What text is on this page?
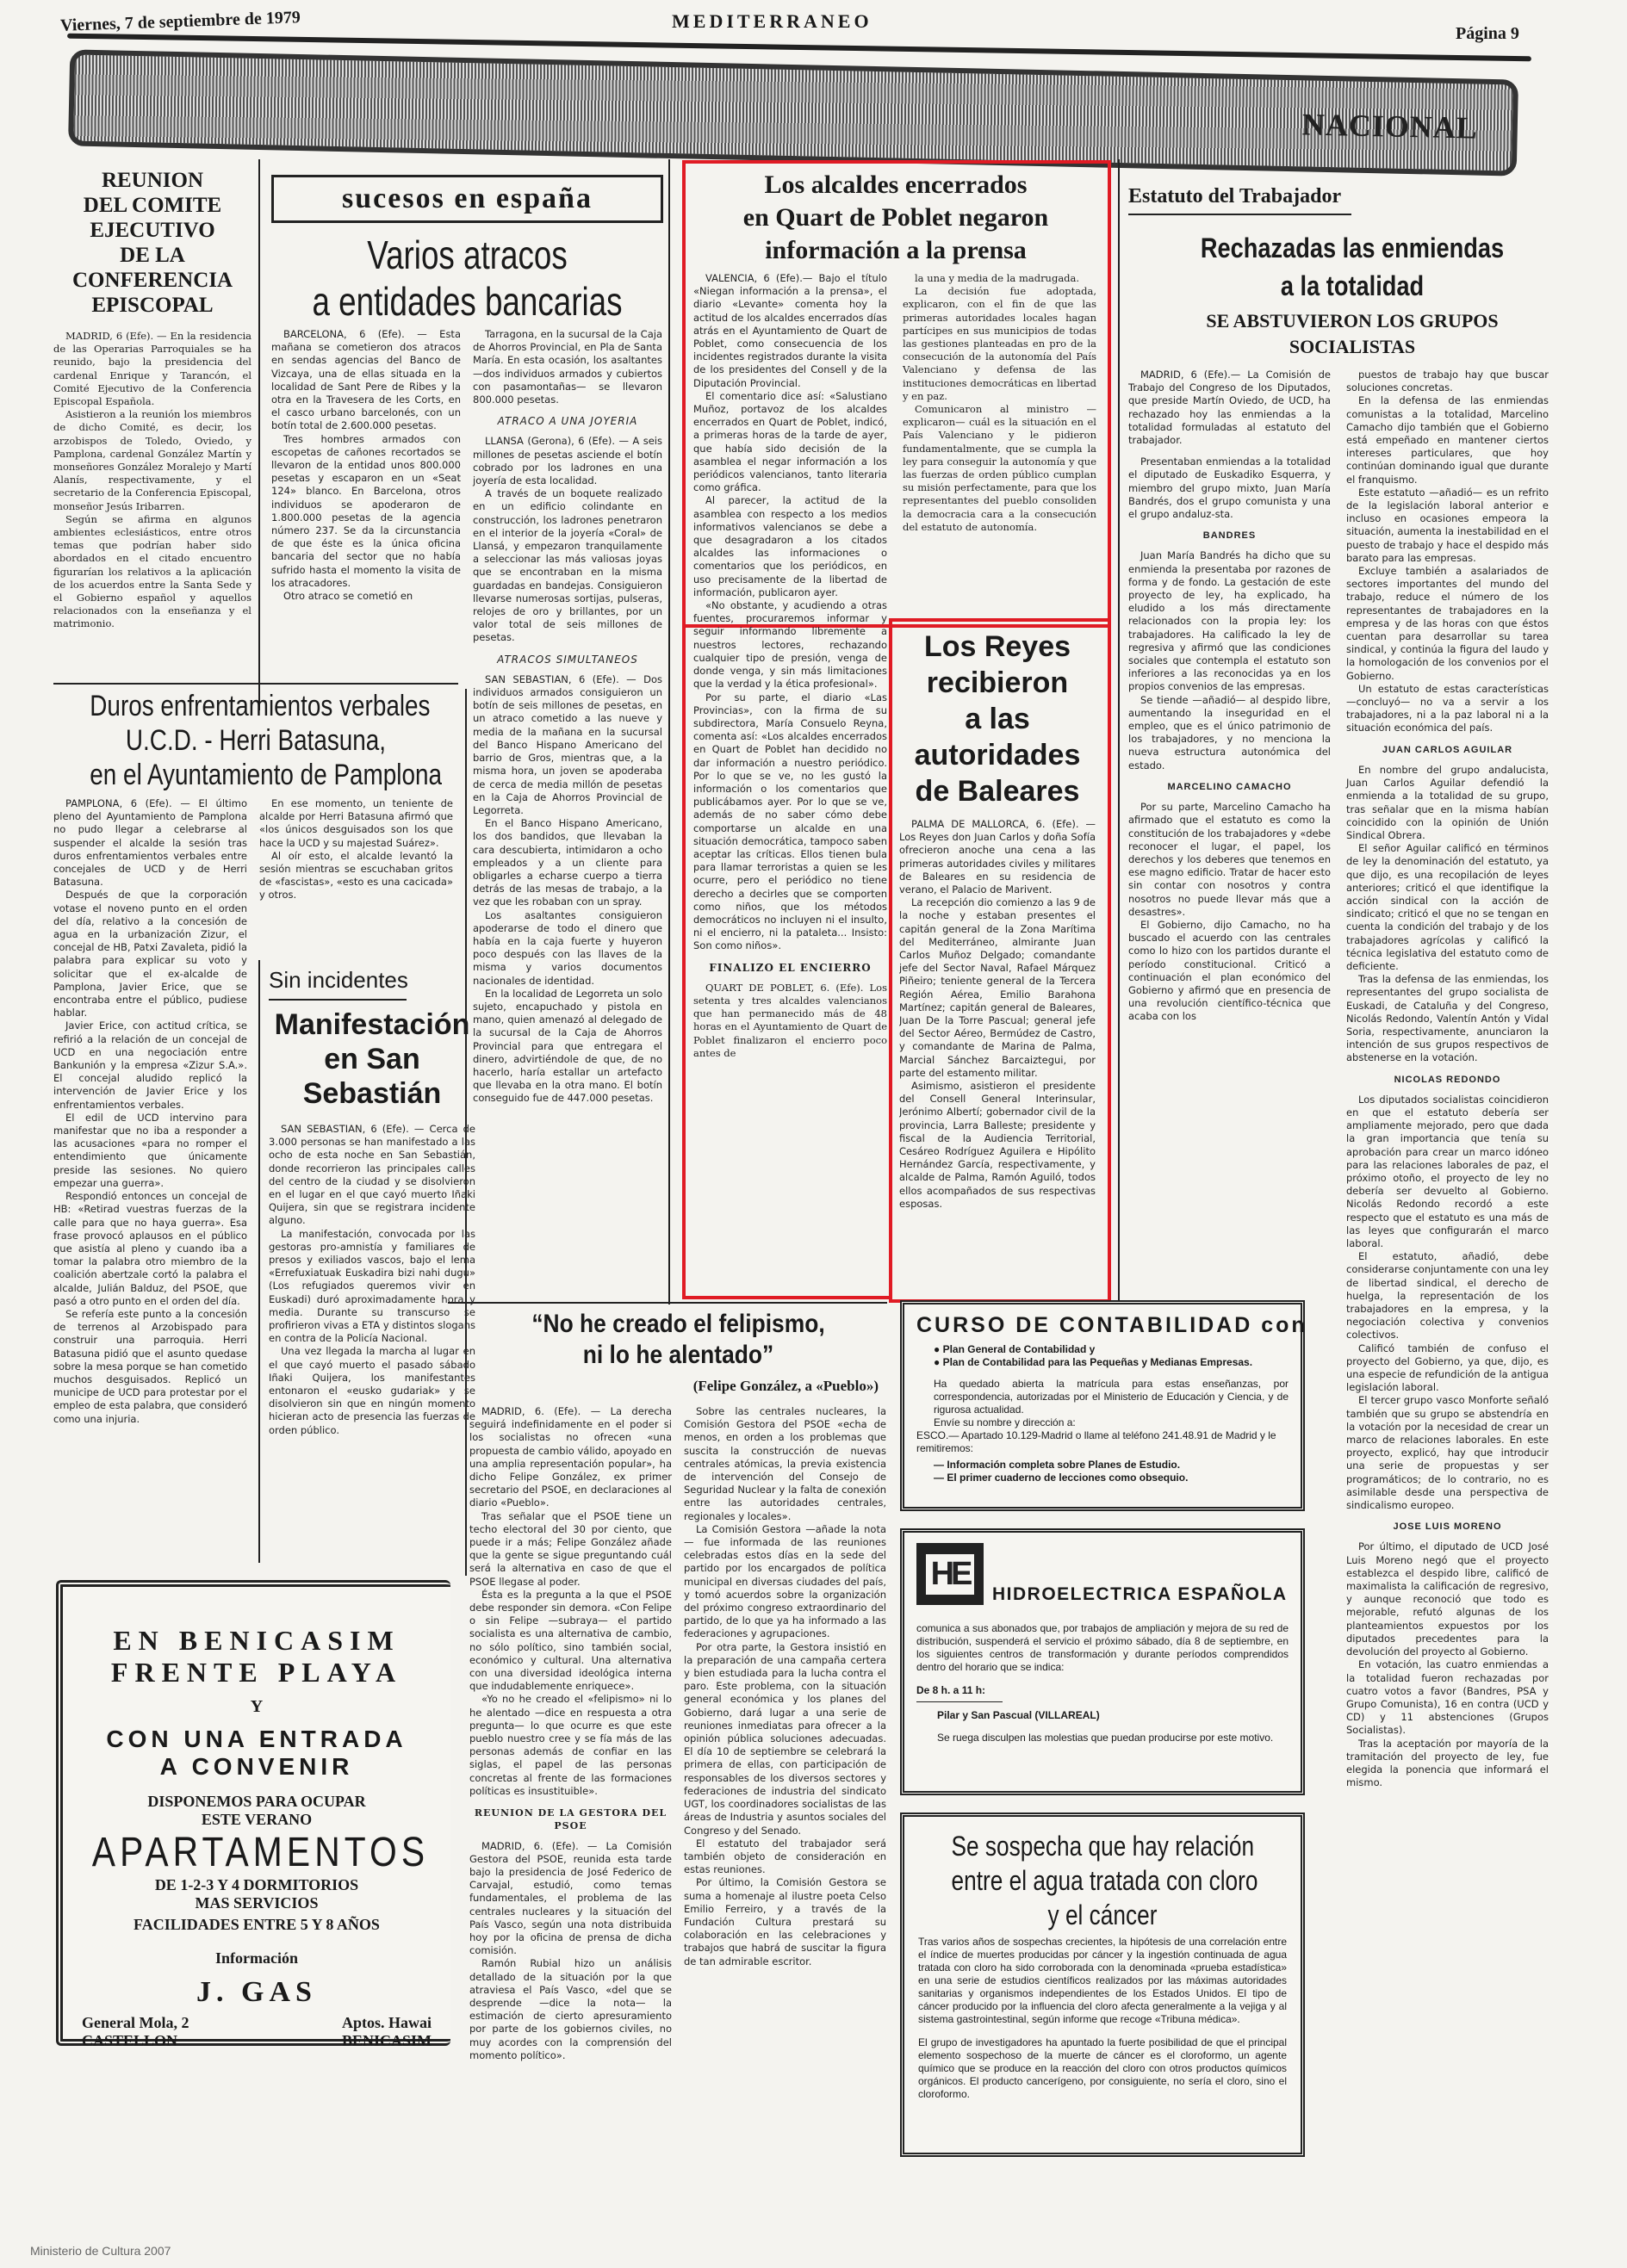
Viernes, 7 de septiembre de 1979	MEDITERRANEO
Página 9
NACIONAL
REUNION
DEL COMITE
EJECUTIVO
DE LA
CONFERENCIA
EPISCOPAL

MADRID, 6 (Efe). — En la residencia de las Operarias Parroquiales se ha reunido, bajo la presidencia del cardenal Enrique y Tarancón, el Comité Ejecutivo de la Conferencia Episcopal Española.

Asistieron a la reunión los miembros de dicho Comité, es decir, los arzobispos de Toledo, Oviedo, y Pamplona, cardenal González Martín y monseñores González Moralejo y Martí Alanís, respectivamente, y el secretario de la Conferencia Episcopal, monseñor Jesús Iribarren.

Según se afirma en algunos ambientes eclesiásticos, entre otros temas que podrían haber sido abordados en el citado encuentro figurarían los relativos a la aplicación de los acuerdos entre la Santa Sede y el Gobierno español y aquellos relacionados con la enseñanza y el matrimonio.

sucesos en españa
Varios atracos
a entidades bancarias

BARCELONA, 6 (Efe). — Esta mañana se cometieron dos atracos en sendas agencias del Banco de Vizcaya, una de ellas situada en la localidad de Sant Pere de Ribes y la otra en la Travesera de les Corts, en el casco urbano barcelonés, con un botín total de 2.600.000 pesetas.

Tres hombres armados con escopetas de cañones recortados se llevaron de la entidad unos 800.000 pesetas y escaparon en un «Seat 124» blanco. En Barcelona, otros individuos se apoderaron de 1.800.000 pesetas de la agencia número 237. Se da la circunstancia de que éste es la única oficina bancaria del sector que no había sufrido hasta el momento la visita de los atracadores.

Otro atraco se cometió en

Tarragona, en la sucursal de la Caja de Ahorros Provincial, en Pla de Santa María. En esta ocasión, los asaltantes —dos individuos armados y cubiertos con pasamontañas— se llevaron 800.000 pesetas.

ATRACO A UNA JOYERIA

LLANSA (Gerona), 6 (Efe). — A seis millones de pesetas asciende el botín cobrado por los ladrones en una joyería de esta localidad.

A través de un boquete realizado en un edificio colindante en construcción, los ladrones penetraron en el interior de la joyería «Coral» de Llansá, y empezaron tranquilamente a seleccionar las más valiosas joyas que se encontraban en la misma guardadas en bandejas. Consiguieron llevarse numerosas sortijas, pulseras, relojes de oro y brillantes, por un valor total de seis millones de pesetas.

ATRACOS SIMULTANEOS

SAN SEBASTIAN, 6 (Efe). — Dos individuos armados consiguieron un botín de seis millones de pesetas, en un atraco cometido a las nueve y media de la mañana en la sucursal del Banco Hispano Americano del barrio de Gros, mientras que, a la misma hora, un joven se apoderaba de cerca de media millón de pesetas en la Caja de Ahorros Provincial de Legorreta.

En el Banco Hispano Americano, los dos bandidos, que llevaban la cara descubierta, intimidaron a ocho empleados y a un cliente para obligarles a echarse cuerpo a tierra detrás de las mesas de trabajo, a la vez que les robaban con un spray.

Los asaltantes consiguieron apoderarse de todo el dinero que había en la caja fuerte y huyeron poco después con las llaves de la misma y varios documentos nacionales de identidad.

En la localidad de Legorreta un solo sujeto, encapuchado y pistola en mano, quien amenazó al delegado de la sucursal de la Caja de Ahorros Provincial para que entregara el dinero, advirtiéndole de que, de no hacerlo, haría estallar un artefacto que llevaba en la otra mano. El botín conseguido fue de 447.000 pesetas.

Duros enfrentamientos verbales
U.C.D. - Herri Batasuna,
en el Ayuntamiento de Pamplona

PAMPLONA, 6 (Efe). — El último pleno del Ayuntamiento de Pamplona no pudo llegar a celebrarse al suspender el alcalde la sesión tras duros enfrentamientos verbales entre concejales de UCD y de Herri Batasuna.

Después de que la corporación votase el noveno punto en el orden del día, relativo a la concesión de agua en la urbanización Zizur, el concejal de HB, Patxi Zavaleta, pidió la palabra para explicar su voto y solicitar que el ex-alcalde de Pamplona, Javier Erice, que se encontraba entre el público, pudiese hablar.

Javier Erice, con actitud crítica, se refirió a la relación de un concejal de UCD en una negociación entre Bankunión y la empresa «Zizur S.A.». El concejal aludido replicó la intervención de Javier Erice y los enfrentamientos verbales.

El edil de UCD intervino para manifestar que no iba a responder a las acusaciones «para no romper el entendimiento que únicamente preside las sesiones. No quiero empezar una guerra».

Respondió entonces un concejal de HB: «Retirad vuestras fuerzas de la calle para que no haya guerra». Esa frase provocó aplausos en el público que asistía al pleno y cuando iba a tomar la palabra otro miembro de la coalición abertzale cortó la palabra el alcalde, Julián Balduz, del PSOE, que pasó a otro punto en el orden del día.

Se refería este punto a la concesión de terrenos al Arzobispado para construir una parroquia. Herri Batasuna pidió que el asunto quedase sobre la mesa porque se han cometido muchos desguisados. Replicó un municipe de UCD para protestar por el empleo de esta palabra, que consideró como una injuria.

En ese momento, un teniente de alcalde por Herri Batasuna afirmó que «los únicos desguisados son los que hace la UCD y su majestad Suárez».

Al oír esto, el alcalde levantó la sesión mientras se escuchaban gritos de «fascistas», «esto es una cacicada» y otros.

Sin incidentes
Manifestación
en San
Sebastián

SAN SEBASTIAN, 6 (Efe). — Cerca de 3.000 personas se han manifestado a las ocho de esta noche en San Sebastián, donde recorrieron las principales calles del centro de la ciudad y se disolvieron en el lugar en el que cayó muerto Iñaki Quijera, sin que se registrara incidente alguno.

La manifestación, convocada por las gestoras pro-amnistía y familiares de presos y exiliados vascos, bajo el lema «Errefuxiatuak Euskadira bizi nahi dugu» (Los refugiados queremos vivir en Euskadi) duró aproximadamente hora y media. Durante su transcurso se profirieron vivas a ETA y distintos slogans en contra de la Policía Nacional.

Una vez llegada la marcha al lugar en el que cayó muerto el pasado sábado Iñaki Quijera, los manifestantes entonaron el «eusko gudariak» y se disolvieron sin que en ningún momento hicieran acto de presencia las fuerzas de orden público.

Los alcaldes encerrados
en Quart de Poblet negaron
información a la prensa

VALENCIA, 6 (Efe).— Bajo el título «Niegan información a la prensa», el diario «Levante» comenta hoy la actitud de los alcaldes encerrados días atrás en el Ayuntamiento de Quart de Poblet, como consecuencia de los incidentes registrados durante la visita de los presidentes del Consell y de la Diputación Provincial.

El comentario dice así: «Salustiano Muñoz, portavoz de los alcaldes encerrados en Quart de Poblet, indicó, a primeras horas de la tarde de ayer, que había sido decisión de la asamblea el negar información a los periódicos valencianos, tanto literaria como gráfica.

Al parecer, la actitud de la asamblea con respecto a los medios informativos valencianos se debe a que desagradaron a los citados alcaldes las informaciones o comentarios que los periódicos, en uso precisamente de la libertad de información, publicaron ayer.

«No obstante, y acudiendo a otras fuentes, procuraremos informar y seguir informando libremente a nuestros lectores, rechazando cualquier tipo de presión, venga de donde venga, y sin más limitaciones que la verdad y la ética profesional».

Por su parte, el diario «Las Provincias», con la firma de su subdirectora, María Consuelo Reyna, comenta así: «Los alcaldes encerrados en Quart de Poblet han decidido no dar información a nuestro periódico. Por lo que se ve, no les gustó la información o los comentarios que publicábamos ayer. Por lo que se ve, además de no saber cómo debe comportarse un alcalde en una situación democrática, tampoco saben aceptar las críticas. Ellos tienen bula para llamar terroristas a quien se les ocurre, pero el periódico no tiene derecho a decirles que se comporten como niños, que los métodos democráticos no incluyen ni el insulto, ni el encierro, ni la pataleta... Insisto: Son como niños».

FINALIZO EL ENCIERRO

QUART DE POBLET, 6. (Efe). Los setenta y tres alcaldes valencianos que han permanecido más de 48 horas en el Ayuntamiento de Quart de Poblet finalizaron el encierro poco antes de

la una y media de la madrugada.

La decisión fue adoptada, explicaron, con el fin de que las primeras autoridades locales hagan partícipes en sus municipios de todas las gestiones planteadas en pro de la consecución de la autonomía del País Valenciano y defensa de las instituciones democráticas en libertad y en paz.

Comunicaron al ministro —explicaron— cuál es la situación en el País Valenciano y le pidieron fundamentalmente, que se cumpla la ley para conseguir la autonomía y que las fuerzas de orden público cumplan su misión perfectamente, para que los representantes del pueblo consoliden la democracia cara a la consecución del estatuto de autonomía.

Los Reyes
recibieron
a las
autoridades
de Baleares

PALMA DE MALLORCA, 6. (Efe). — Los Reyes don Juan Carlos y doña Sofía ofrecieron anoche una cena a las primeras autoridades civiles y militares de Baleares en su residencia de verano, el Palacio de Marivent.

La recepción dio comienzo a las 9 de la noche y estaban presentes el capitán general de la Zona Marítima del Mediterráneo, almirante Juan Carlos Muñoz Delgado; comandante jefe del Sector Naval, Rafael Márquez Piñeiro; teniente general de la Tercera Región Aérea, Emilio Barahona Martínez; capitán general de Baleares, Juan De la Torre Pascual; general jefe del Sector Aéreo, Bermúdez de Castro, y comandante de Marina de Palma, Marcial Sánchez Barcaiztegui, por parte del estamento militar.

Asimismo, asistieron el presidente del Consell General Interinsular, Jerónimo Albertí; gobernador civil de la provincia, Larra Balleste; presidente y fiscal de la Audiencia Territorial, Cesáreo Rodríguez Aguilera e Hipólito Hernández García, respectivamente, y alcalde de Palma, Ramón Aguiló, todos ellos acompañados de sus respectivas esposas.

Estatuto del Trabajador
Rechazadas las enmiendas
a la totalidad
SE ABSTUVIERON LOS GRUPOS
SOCIALISTAS

MADRID, 6 (Efe).— La Comisión de Trabajo del Congreso de los Diputados, que preside Martín Oviedo, de UCD, ha rechazado hoy las enmiendas a la totalidad formuladas al estatuto del trabajador.

Presentaban enmiendas a la totalidad el diputado de Euskadiko Esquerra, y miembro del grupo mixto, Juan María Bandrés, dos el grupo comunista y una el grupo andaluz-sta.

BANDRES

Juan María Bandrés ha dicho que su enmienda la presentaba por razones de forma y de fondo. La gestación de este proyecto de ley, ha explicado, ha eludido a los más directamente relacionados con la propia ley: los trabajadores. Ha calificado la ley de regresiva y afirmó que las condiciones sociales que contempla el estatuto son inferiores a las reconocidas ya en los propios convenios de las empresas.

Se tiende —añadió— al despido libre, aumentando la inseguridad en el empleo, que es el único patrimonio de los trabajadores, y no menciona la nueva estructura autonómica del estado.

MARCELINO CAMACHO

Por su parte, Marcelino Camacho ha afirmado que el estatuto es como la constitución de los trabajadores y «debe reconocer el lugar, el papel, los derechos y los deberes que tenemos en ese magno edificio. Tratar de hacer esto sin contar con nosotros y contra nosotros no puede llevar más que a desastres».

El Gobierno, dijo Camacho, no ha buscado el acuerdo con las centrales como lo hizo con los partidos durante el período constitucional. Criticó a continuación el plan económico del Gobierno y afirmó que en presencia de una revolución científico-técnica que acaba con los

puestos de trabajo hay que buscar soluciones concretas.

En la defensa de las enmiendas comunistas a la totalidad, Marcelino Camacho dijo también que el Gobierno está empeñado en mantener ciertos intereses particulares, que hoy continúan dominando igual que durante el franquismo.

Este estatuto —añadió— es un refrito de la legislación laboral anterior e incluso en ocasiones empeora la situación, aumenta la inestabilidad en el puesto de trabajo y hace el despido más barato para las empresas.

Excluye también a asalariados de sectores importantes del mundo del trabajo, reduce el número de los representantes de trabajadores en la empresa y de las horas con que éstos cuentan para desarrollar su tarea sindical, y continúa la figura del laudo y la homologación de los convenios por el Gobierno.

Un estatuto de estas características —concluyó— no va a servir a los trabajadores, ni a la paz laboral ni a la situación económica del país.

JUAN CARLOS AGUILAR

En nombre del grupo andalucista, Juan Carlos Aguilar defendió la enmienda a la totalidad de su grupo, tras señalar que en la misma habían coincidido con la opinión de Unión Sindical Obrera.

El señor Aguilar calificó en términos de ley la denominación del estatuto, ya que dijo, es una recopilación de leyes anteriores; criticó el que identifique la acción sindical con la acción de sindicato; criticó el que no se tengan en cuenta la condición del trabajo y de los trabajadores agrícolas y calificó la técnica legislativa del estatuto como de deficiente.

Tras la defensa de las enmiendas, los representantes del grupo socialista de Euskadi, de Cataluña y del Congreso, Nicolás Redondo, Valentín Antón y Vidal Soria, respectivamente, anunciaron la intención de sus grupos respectivos de abstenerse en la votación.

NICOLAS REDONDO

Los diputados socialistas coincidieron en que el estatuto debería ser ampliamente mejorado, pero que dada la gran importancia que tenía su aprobación para crear un marco idóneo para las relaciones laborales de paz, el próximo otoño, el proyecto de ley no debería ser devuelto al Gobierno. Nicolás Redondo recordó a este respecto que el estatuto es una más de las leyes que configurarán el marco laboral.

El estatuto, añadió, debe considerarse conjuntamente con una ley de libertad sindical, el derecho de huelga, la representación de los trabajadores en la empresa, y la negociación colectiva y convenios colectivos.

Calificó también de confuso el proyecto del Gobierno, ya que, dijo, es una especie de refundición de la antigua legislación laboral.

El tercer grupo vasco Monforte señaló también que su grupo se abstendría en la votación por la necesidad de crear un marco de relaciones laborales. En este proyecto, explicó, hay que introducir una serie de propuestas y ser programáticos; de lo contrario, no es asimilable desde una perspectiva de sindicalismo europeo.

JOSE LUIS MORENO

Por último, el diputado de UCD José Luis Moreno negó que el proyecto establezca el despido libre, calificó de maximalista la calificación de regresivo, y aunque reconoció que todo es mejorable, refutó algunas de los planteamientos expuestos por los diputados precedentes para la devolución del proyecto al Gobierno.

En votación, las cuatro enmiendas a la totalidad fueron rechazadas por cuatro votos a favor (Bandres, PSA y Grupo Comunista), 16 en contra (UCD y CD) y 11 abstenciones (Grupos Socialistas).

Tras la aceptación por mayoría de la tramitación del proyecto de ley, fue elegida la ponencia que informará el mismo.

“No he creado el felipismo,
ni lo he alentado”
(Felipe González, a «Pueblo»)

MADRID, 6. (Efe). — La derecha seguirá indefinidamente en el poder si los socialistas no ofrecen «una propuesta de cambio válido, apoyado en una amplia representación popular», ha dicho Felipe González, ex primer secretario del PSOE, en declaraciones al diario «Pueblo».

Tras señalar que el PSOE tiene un techo electoral del 30 por ciento, que puede ir a más; Felipe González añade que la gente se sigue preguntando cuál será la alternativa en caso de que el PSOE llegase al poder.

Ésta es la pregunta a la que el PSOE debe responder sin demora. «Con Felipe o sin Felipe —subraya— el partido socialista es una alternativa de cambio, no sólo político, sino también social, económico y cultural. Una alternativa con una diversidad ideológica interna que indudablemente enriquece».

«Yo no he creado el «felipismo» ni lo he alentado —dice en respuesta a otra pregunta— lo que ocurre es que este pueblo nuestro cree y se fía más de las personas además de confiar en las siglas, el papel de las personas concretas al frente de las formaciones políticas es insustituible».

REUNION DE LA GESTORA DEL PSOE

MADRID, 6. (Efe). — La Comisión Gestora del PSOE, reunida esta tarde bajo la presidencia de José Federico de Carvajal, estudió, como temas fundamentales, el problema de las centrales nucleares y la situación del País Vasco, según una nota distribuida hoy por la oficina de prensa de dicha comisión.

Ramón Rubial hizo un análisis detallado de la situación por la que atraviesa el País Vasco, «del que se desprende —dice la nota— la estimación de cierto apresuramiento por parte de los gobiernos civiles, no muy acordes con la comprensión del momento político».

Sobre las centrales nucleares, la Comisión Gestora del PSOE «echa de menos, en orden a los problemas que suscita la construcción de nuevas centrales atómicas, la previa existencia de intervención del Consejo de Seguridad Nuclear y la falta de conexión entre las autoridades centrales, regionales y locales».

La Comisión Gestora —añade la nota— fue informada de las reuniones celebradas estos días en la sede del partido por los encargados de política municipal en diversas ciudades del país, y tomó acuerdos sobre la organización del próximo congreso extraordinario del partido, de lo que ya ha informado a las federaciones y agrupaciones.

Por otra parte, la Gestora insistió en la preparación de una campaña certera y bien estudiada para la lucha contra el paro. Este problema, con la situación general económica y los planes del Gobierno, dará lugar a una serie de reuniones inmediatas para ofrecer a la opinión pública soluciones adecuadas. El día 10 de septiembre se celebrará la primera de ellas, con participación de responsables de los diversos sectores y federaciones de industria del sindicato UGT, los coordinadores socialistas de las áreas de Industria y asuntos sociales del Congreso y del Senado.

El estatuto del trabajador será también objeto de consideración en estas reuniones.

Por último, la Comisión Gestora se suma a homenaje al ilustre poeta Celso Emilio Ferreiro, y a través de la Fundación Cultura prestará su colaboración en las celebraciones y trabajos que habrá de suscitar la figura de tan admirable escritor.

CURSO DE CONTABILIDAD con
● Plan General de Contabilidad y
● Plan de Contabilidad para las Pequeñas y Medianas Empresas.
Ha quedado abierta la matrícula para estas enseñanzas, por correspondencia, autorizadas por el Ministerio de Educación y Ciencia, y de rigurosa actualidad.
Envíe su nombre y dirección a:
ESCO.— Apartado 10.129-Madrid o llame al teléfono 241.48.91 de Madrid y le remitiremos:
— Información completa sobre Planes de Estudio.
— El primer cuaderno de lecciones como obsequio.
HE
HIDROELECTRICA ESPAÑOLA
comunica a sus abonados que, por trabajos de ampliación y mejora de su red de distribución, suspenderá el servicio el próximo sábado, día 8 de septiembre, en los siguientes centros de transformación y durante períodos comprendidos dentro del horario que se indica:
De 8 h. a 11 h:
Pilar y San Pascual (VILLAREAL)
Se ruega disculpen las molestias que puedan producirse por este motivo.
Se sospecha que hay relación
entre el agua tratada con cloro
y el cáncer

Tras varios años de sospechas crecientes, la hipótesis de una correlación entre el índice de muertes producidas por cáncer y la ingestión continuada de agua tratada con cloro ha sido corroborada con la denominada «prueba estadística» en una serie de estudios científicos realizados por las máximas autoridades sanitarias y organismos independientes de los Estados Unidos. El tipo de cáncer producido por la influencia del cloro afecta generalmente a la vejiga y al sistema gastrointestinal, según informe que recoge «Tribuna médica».

El grupo de investigadores ha apuntado la fuerte posibilidad de que el principal elemento sospechoso de la muerte de cáncer es el cloroformo, un agente químico que se produce en la reacción del cloro con otros productos químicos orgánicos. El producto cancerígeno, por consiguiente, no sería el cloro, sino el cloroformo.

EN BENICASIM
FRENTE PLAYA
Y
CON UNA ENTRADA
A CONVENIR
DISPONEMOS PARA OCUPAR
ESTE VERANO
APARTAMENTOS
DE 1-2-3 Y 4 DORMITORIOS
MAS SERVICIOS
FACILIDADES ENTRE 5 Y 8 AÑOS
Información
J. GAS
General Mola, 2
CASTELLON
Aptos. Hawai
BENICASIM
Ministerio de Cultura 2007
